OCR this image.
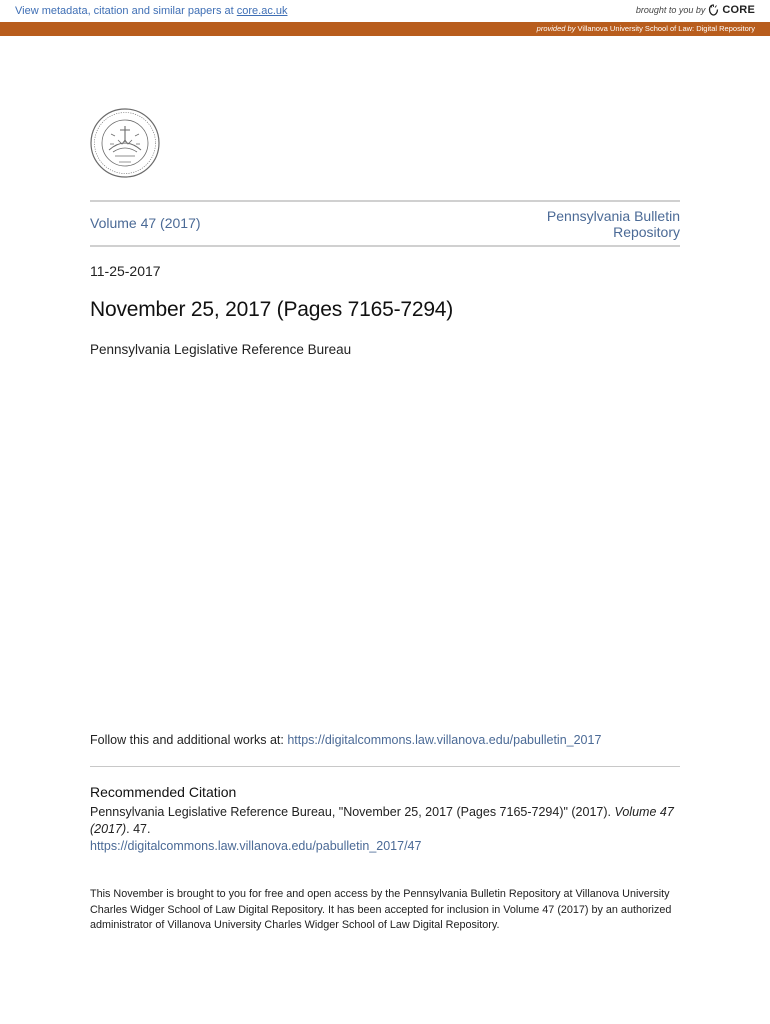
View metadata, citation and similar papers at core.ac.uk	brought to you by CORE
provided by Villanova University School of Law: Digital Repository
Volume 47 (2017)	Pennsylvania Bulletin
Repository
11-25-2017
November 25, 2017 (Pages 7165-7294)
Pennsylvania Legislative Reference Bureau
Follow this and additional works at: https://digitalcommons.law.villanova.edu/pabulletin_2017
Recommended Citation
Pennsylvania Legislative Reference Bureau, "November 25, 2017 (Pages 7165-7294)" (2017). Volume 47 (2017). 47.
https://digitalcommons.law.villanova.edu/pabulletin_2017/47
This November is brought to you for free and open access by the Pennsylvania Bulletin Repository at Villanova University Charles Widger School of Law Digital Repository. It has been accepted for inclusion in Volume 47 (2017) by an authorized administrator of Villanova University Charles Widger School of Law Digital Repository.
